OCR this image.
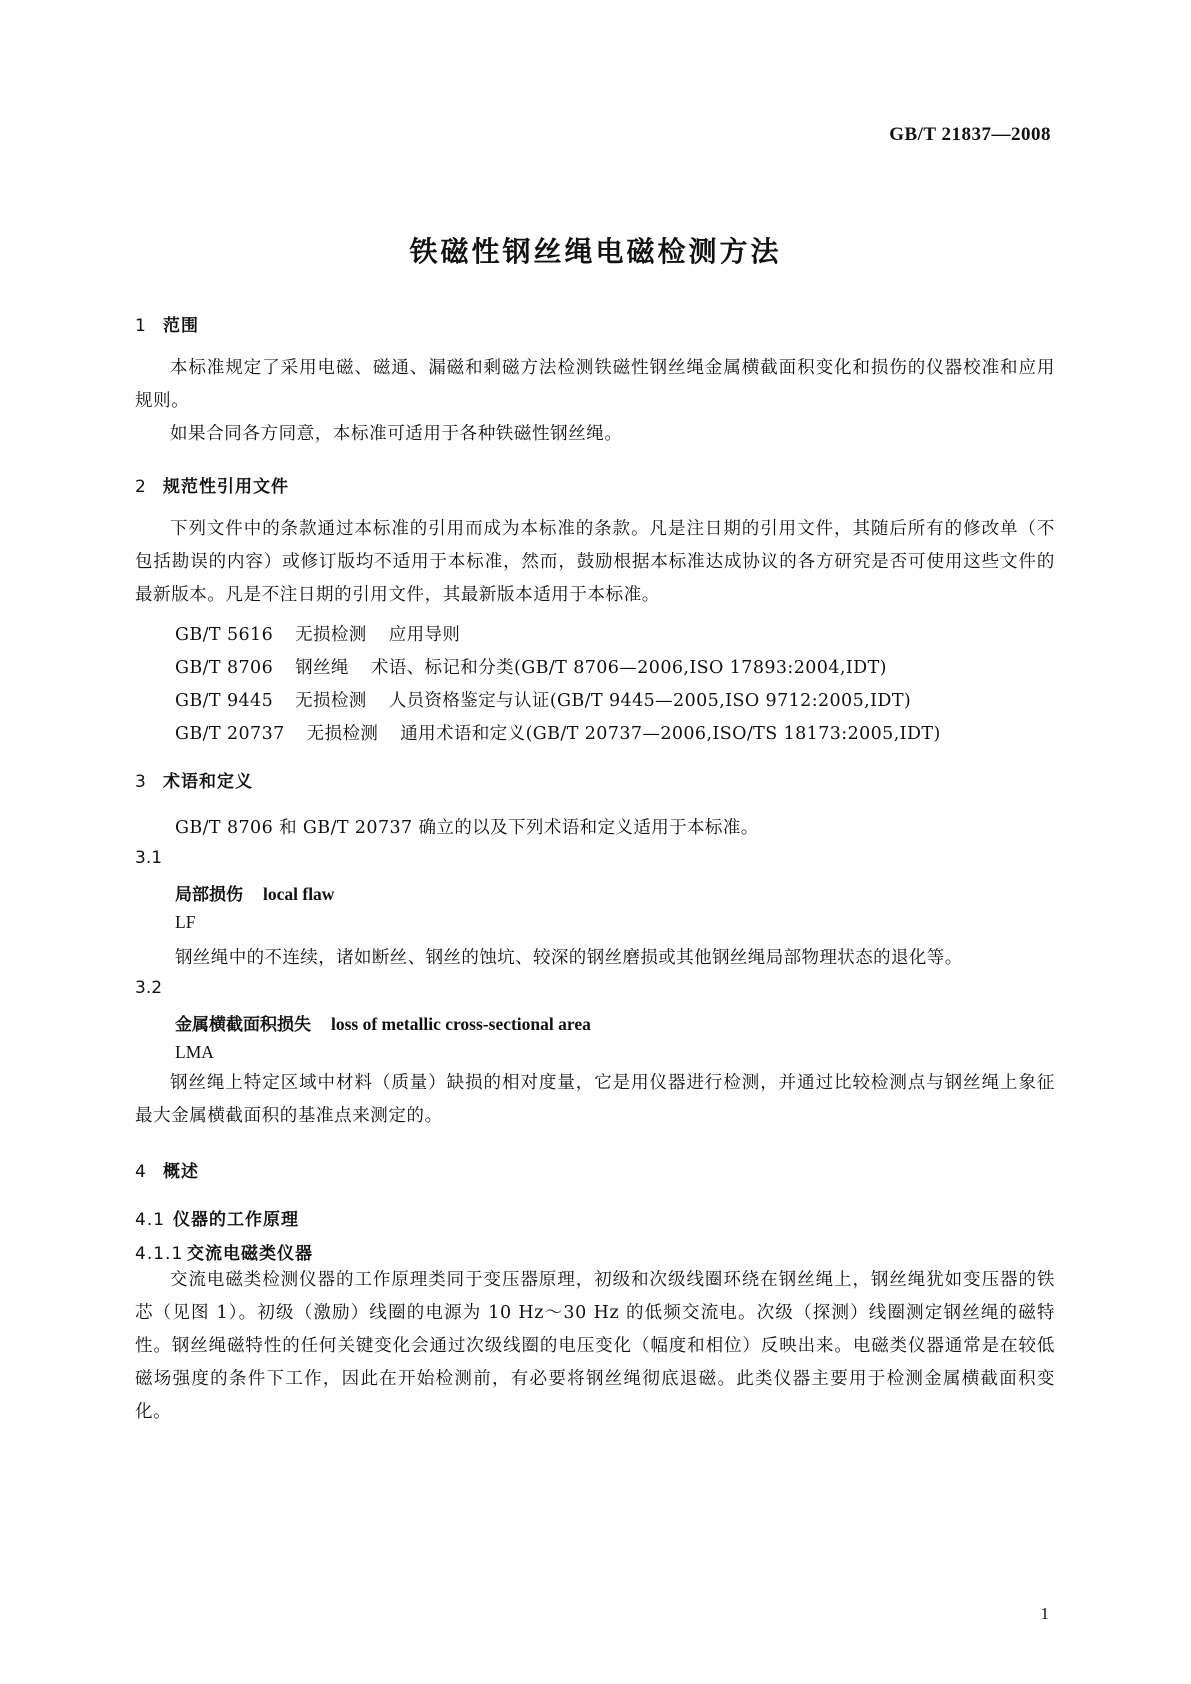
GB/T 21837—2008
铁磁性钢丝绳电磁检测方法
1 范围

本标准规定了采用电磁、磁通、漏磁和剩磁方法检测铁磁性钢丝绳金属横截面积变化和损伤的仪器校准和应用规则。

如果合同各方同意，本标准可适用于各种铁磁性钢丝绳。

2 规范性引用文件

下列文件中的条款通过本标准的引用而成为本标准的条款。凡是注日期的引用文件，其随后所有的修改单（不包括勘误的内容）或修订版均不适用于本标准，然而，鼓励根据本标准达成协议的各方研究是否可使用这些文件的最新版本。凡是不注日期的引用文件，其最新版本适用于本标准。

GB/T 5616 无损检测 应用导则
GB/T 8706 钢丝绳 术语、标记和分类(GB/T 8706—2006,ISO 17893:2004,IDT)
GB/T 9445 无损检测 人员资格鉴定与认证(GB/T 9445—2005,ISO 9712:2005,IDT)
GB/T 20737 无损检测 通用术语和定义(GB/T 20737—2006,ISO/TS 18173:2005,IDT)
3 术语和定义
GB/T 8706 和 GB/T 20737 确立的以及下列术语和定义适用于本标准。
3.1
局部损伤 local flaw
LF
钢丝绳中的不连续，诸如断丝、钢丝的蚀坑、较深的钢丝磨损或其他钢丝绳局部物理状态的退化等。
3.2
金属横截面积损失 loss of metallic cross-sectional area
LMA

钢丝绳上特定区域中材料（质量）缺损的相对度量，它是用仪器进行检测，并通过比较检测点与钢丝绳上象征最大金属横截面积的基准点来测定的。

4 概述
4.1 仪器的工作原理
4.1.1 交流电磁类仪器

交流电磁类检测仪器的工作原理类同于变压器原理，初级和次级线圈环绕在钢丝绳上，钢丝绳犹如变压器的铁芯（见图 1）。初级（激励）线圈的电源为 10 Hz～30 Hz 的低频交流电。次级（探测）线圈测定钢丝绳的磁特性。钢丝绳磁特性的任何关键变化会通过次级线圈的电压变化（幅度和相位）反映出来。电磁类仪器通常是在较低磁场强度的条件下工作，因此在开始检测前，有必要将钢丝绳彻底退磁。此类仪器主要用于检测金属横截面积变化。

1
